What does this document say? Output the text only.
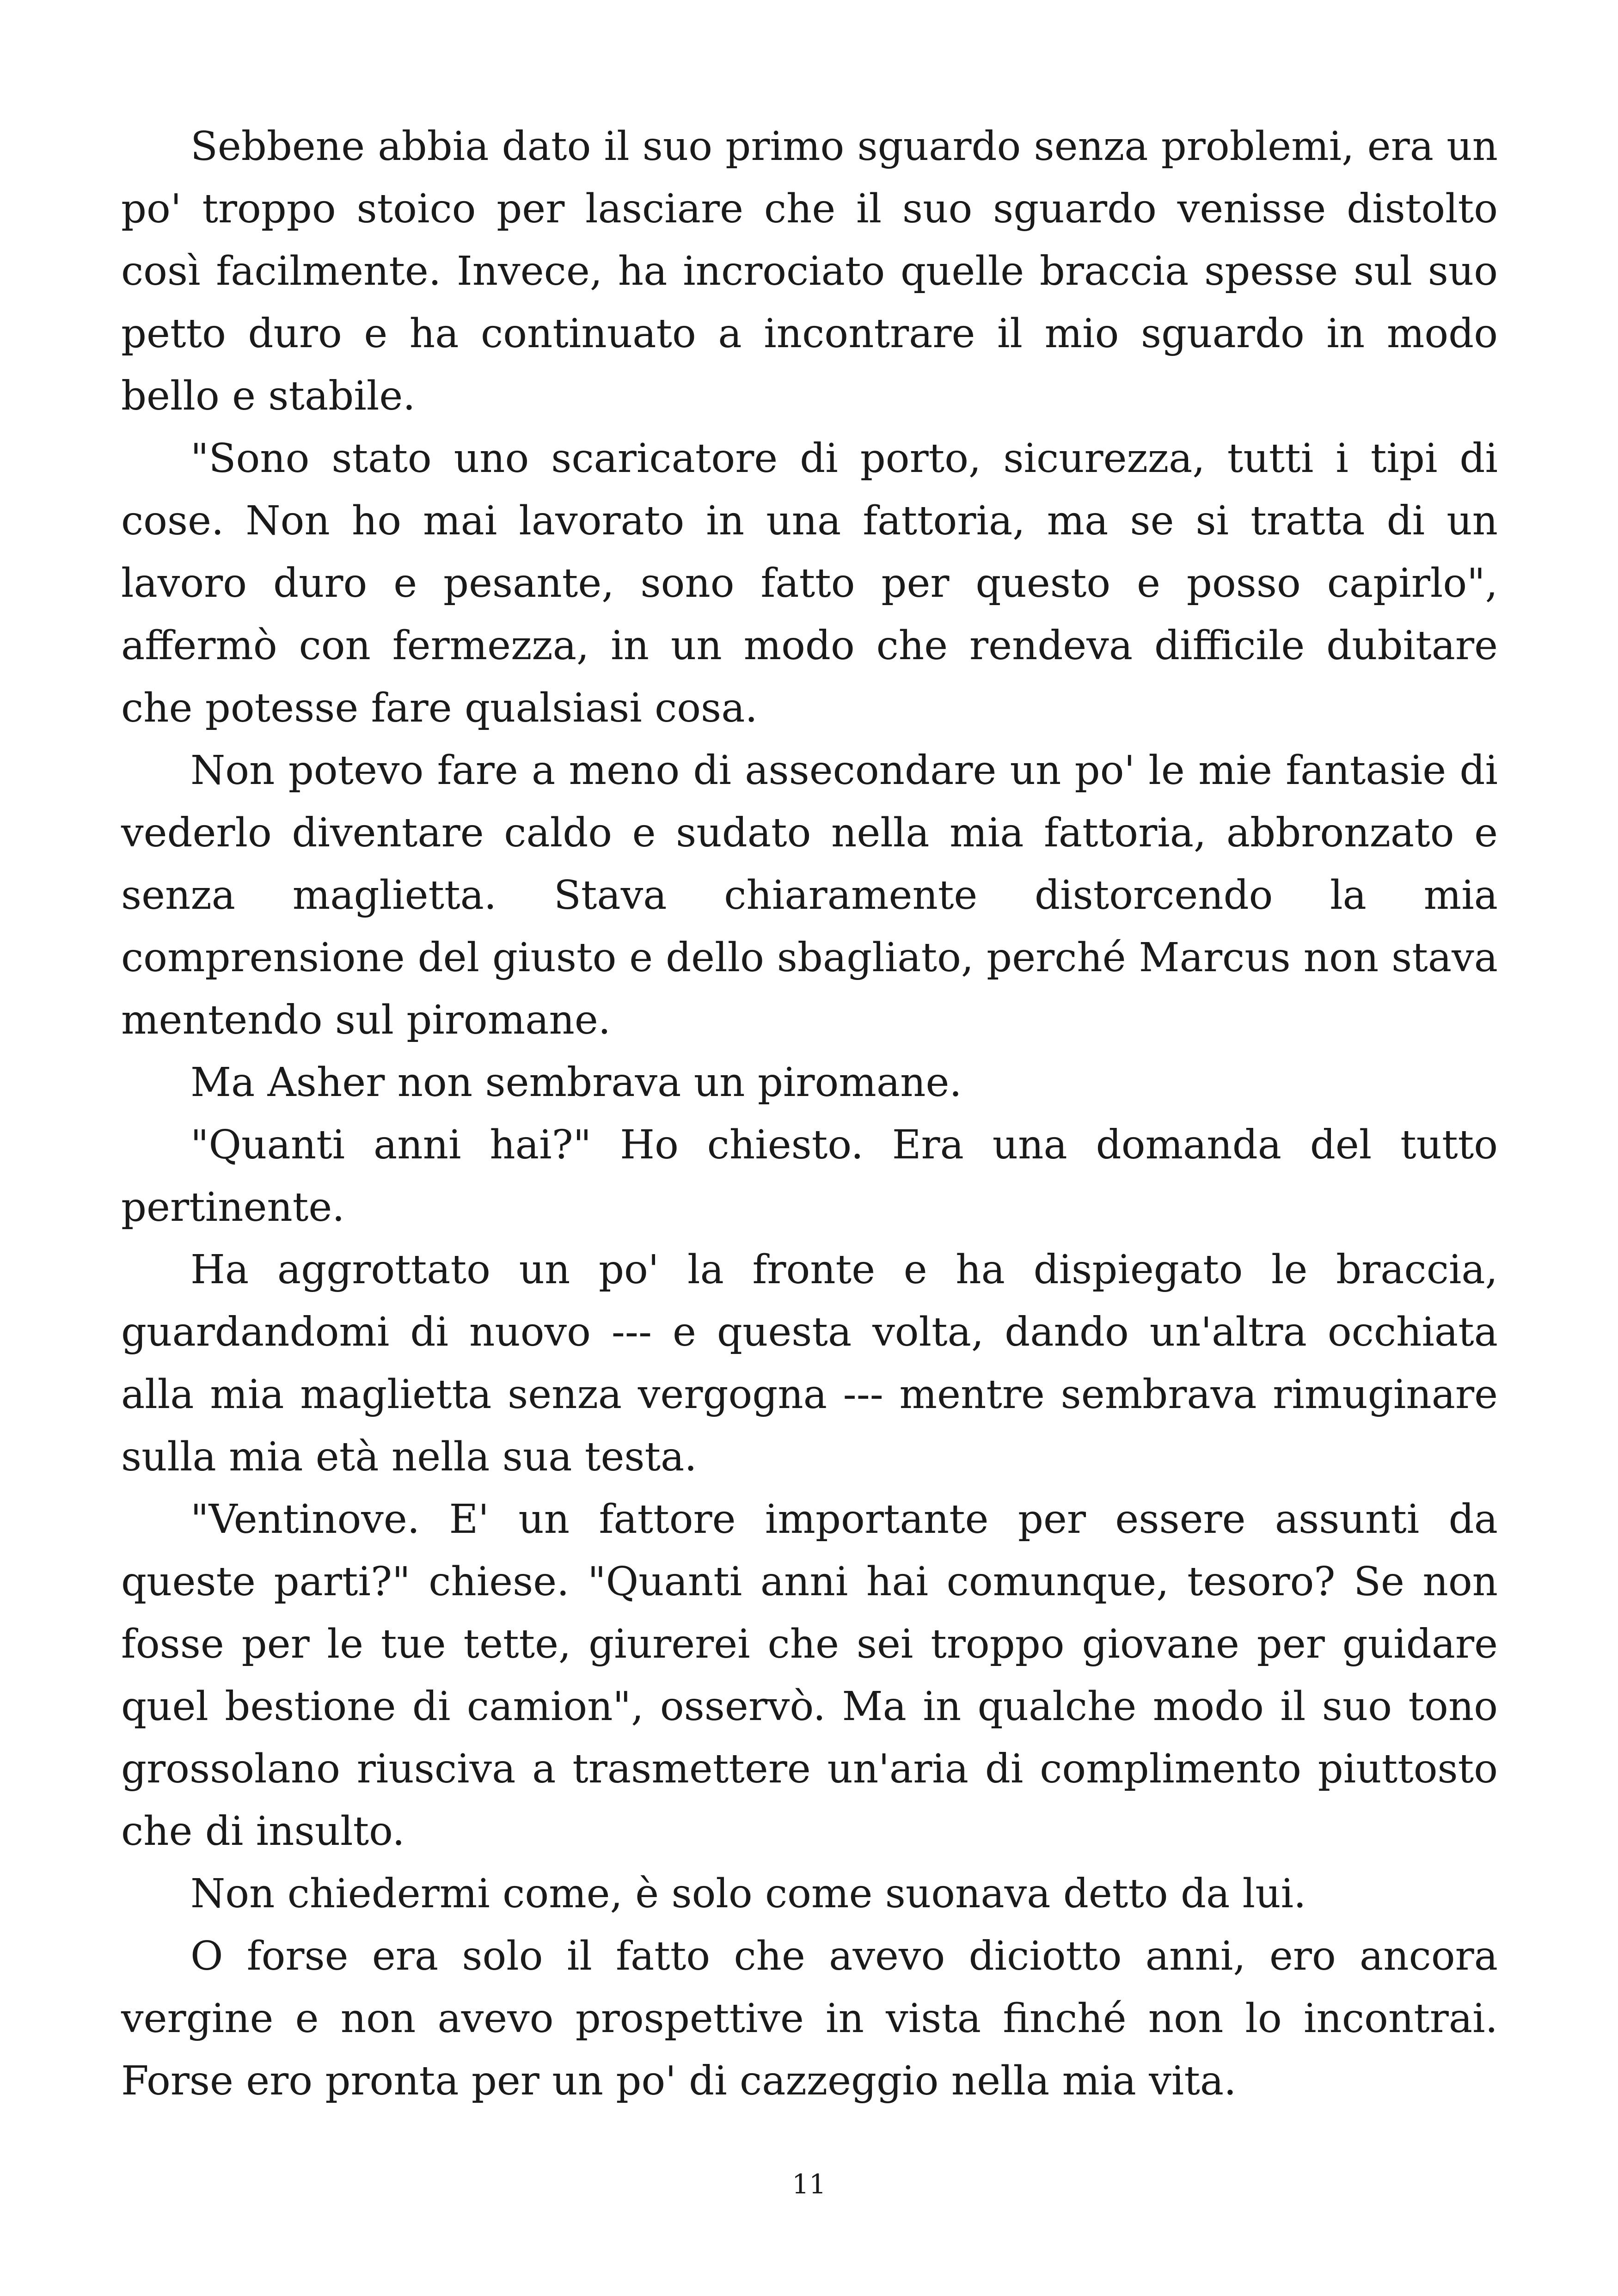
Sebbene abbia dato il suo primo sguardo senza problemi, era un po' troppo stoico per lasciare che il suo sguardo venisse distolto così facilmente. Invece, ha incrociato quelle braccia spesse sul suo petto duro e ha continuato a incontrare il mio sguardo in modo bello e stabile.

"Sono stato uno scaricatore di porto, sicurezza, tutti i tipi di cose. Non ho mai lavorato in una fattoria, ma se si tratta di un lavoro duro e pesante, sono fatto per questo e posso capirlo", affermò con fermezza, in un modo che rendeva difficile dubitare che potesse fare qualsiasi cosa.

Non potevo fare a meno di assecondare un po' le mie fantasie di vederlo diventare caldo e sudato nella mia fattoria, abbronzato e senza maglietta. Stava chiaramente distorcendo la mia comprensione del giusto e dello sbagliato, perché Marcus non stava mentendo sul piromane.

Ma Asher non sembrava un piromane.

"Quanti anni hai?" Ho chiesto. Era una domanda del tutto pertinente.

Ha aggrottato un po' la fronte e ha dispiegato le braccia, guardandomi di nuovo --- e questa volta, dando un'altra occhiata alla mia maglietta senza vergogna --- mentre sembrava rimuginare sulla mia età nella sua testa.

"Ventinove. E' un fattore importante per essere assunti da queste parti?" chiese. "Quanti anni hai comunque, tesoro? Se non fosse per le tue tette, giurerei che sei troppo giovane per guidare quel bestione di camion", osservò. Ma in qualche modo il suo tono grossolano riusciva a trasmettere un'aria di complimento piuttosto che di insulto.

Non chiedermi come, è solo come suonava detto da lui.

O forse era solo il fatto che avevo diciotto anni, ero ancora vergine e non avevo prospettive in vista finché non lo incontrai. Forse ero pronta per un po' di cazzeggio nella mia vita.

11
